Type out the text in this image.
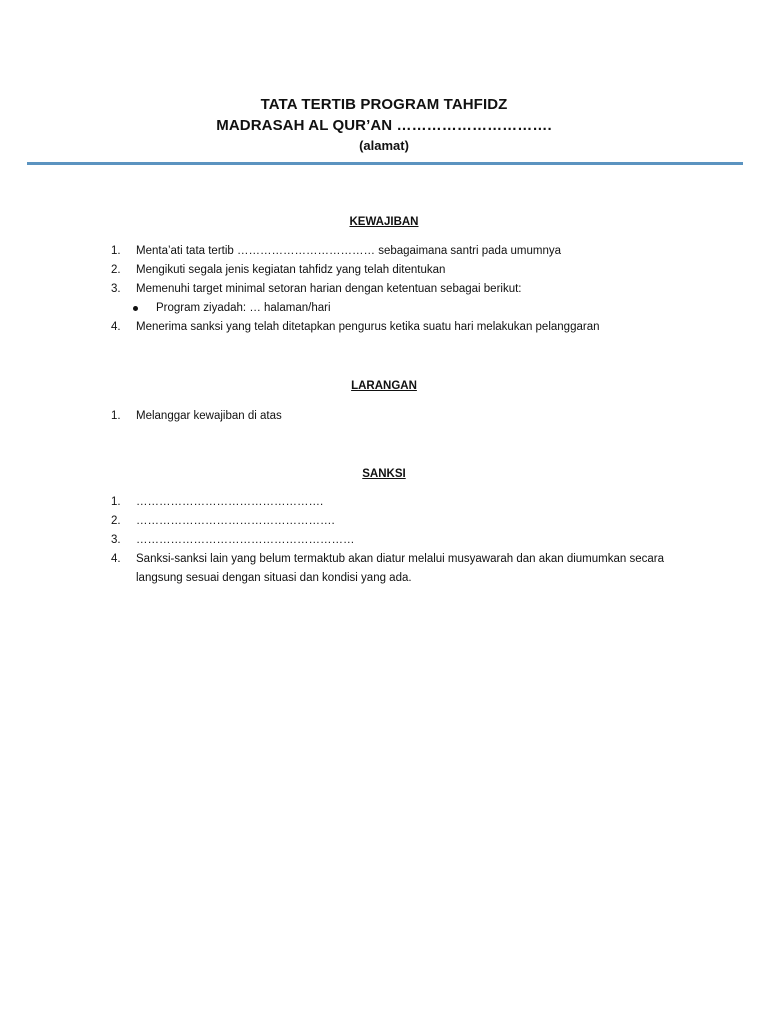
TATA TERTIB PROGRAM TAHFIDZ
MADRASAH AL QUR’AN ………………………….
(alamat)
KEWAJIBAN
1. Menta’ati tata tertib ……………………………… sebagaimana santri pada umumnya
2. Mengikuti segala jenis kegiatan tahfidz yang telah ditentukan
3. Memenuhi target minimal setoran harian dengan ketentuan sebagai berikut:
Program ziyadah: … halaman/hari
4. Menerima sanksi yang telah ditetapkan pengurus ketika suatu hari melakukan pelanggaran
LARANGAN
1. Melanggar kewajiban di atas
SANKSI
1. ………………………………………….
2. …………………………………………….
3. …………………………………………………
4. Sanksi-sanksi lain yang belum termaktub akan diatur melalui musyawarah dan akan diumumkan secara langsung sesuai dengan situasi dan kondisi yang ada.
